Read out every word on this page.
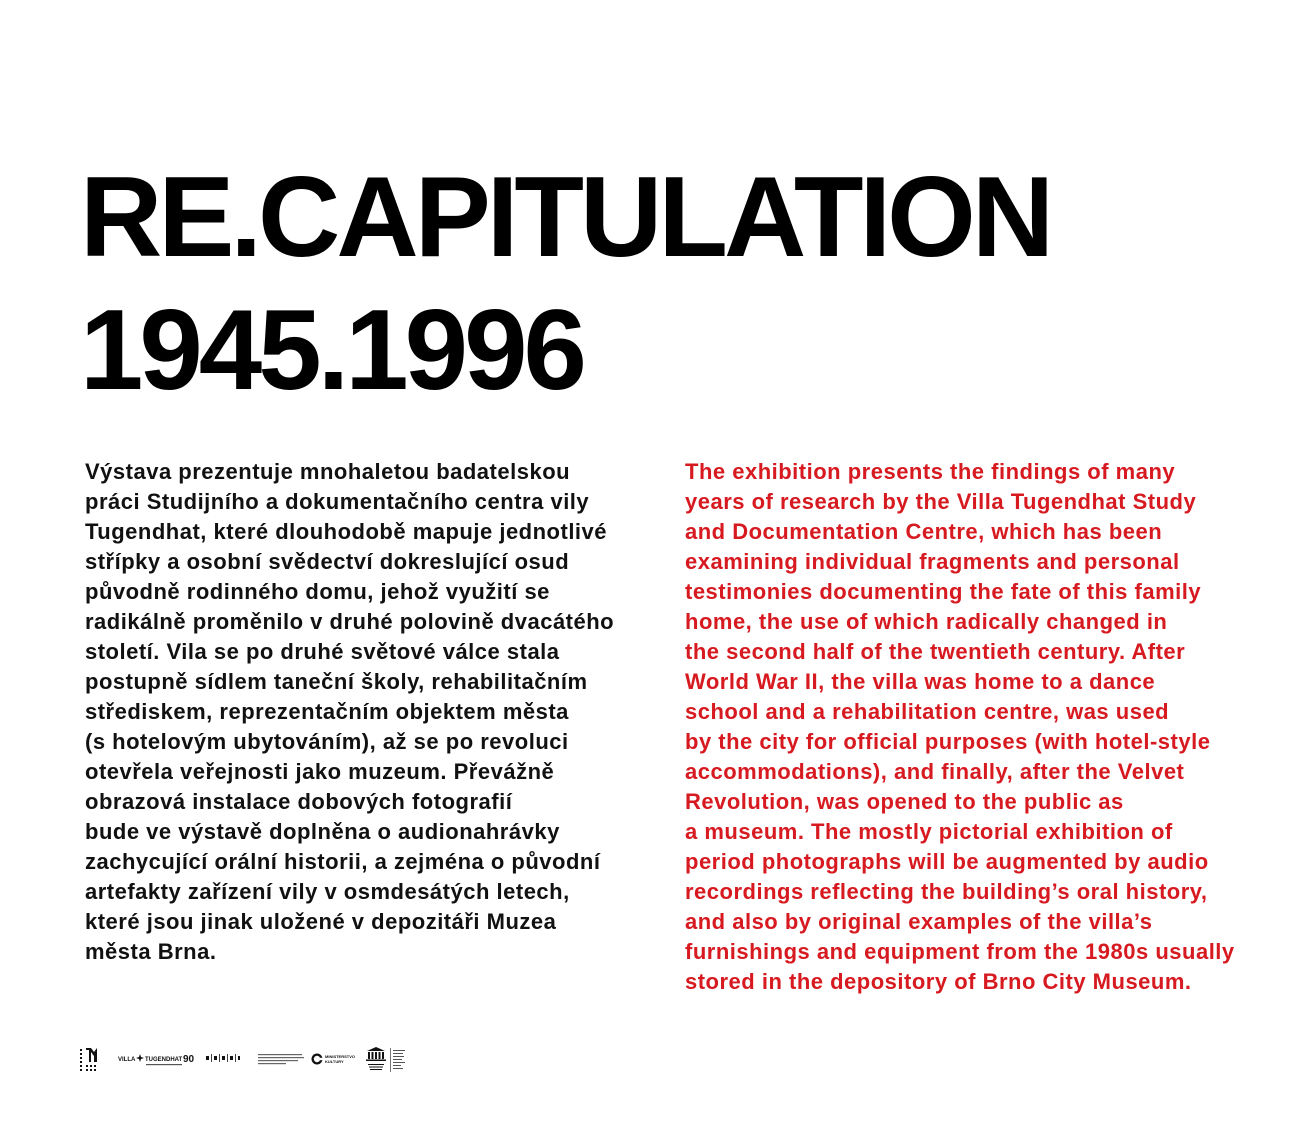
RE.CAPITULATION
1945.1996
Výstava prezentuje mnohaletou badatelskou
práci Studijního a dokumentačního centra vily
Tugendhat, které dlouhodobě mapuje jednotlivé
střípky a osobní svědectví dokreslující osud
původně rodinného domu, jehož využití se
radikálně proměnilo v druhé polovině dvacátého
století. Vila se po druhé světové válce stala
postupně sídlem taneční školy, rehabilitačním
střediskem, reprezentačním objektem města
(s hotelovým ubytováním), až se po revoluci
otevřela veřejnosti jako muzeum. Převážně
obrazová instalace dobových fotografií
bude ve výstavě doplněna o audionahrávky
zachycující orální historii, a zejména o původní
artefakty zařízení vily v osmdesátých letech,
které jsou jinak uložené v depozitáři Muzea
města Brna.
The exhibition presents the findings of many
years of research by the Villa Tugendhat Study
and Documentation Centre, which has been
examining individual fragments and personal
testimonies documenting the fate of this family
home, the use of which radically changed in
the second half of the twentieth century. After
World War II, the villa was home to a dance
school and a rehabilitation centre, was used
by the city for official purposes (with hotel-style
accommodations), and finally, after the Velvet
Revolution, was opened to the public as
a museum. The mostly pictorial exhibition of
period photographs will be augmented by audio
recordings reflecting the building’s oral history,
and also by original examples of the villa’s
furnishings and equipment from the 1980s usually
stored in the depository of Brno City Museum.
VILLA TUGENDHAT 90	MINISTERSTVO
KULTURY
